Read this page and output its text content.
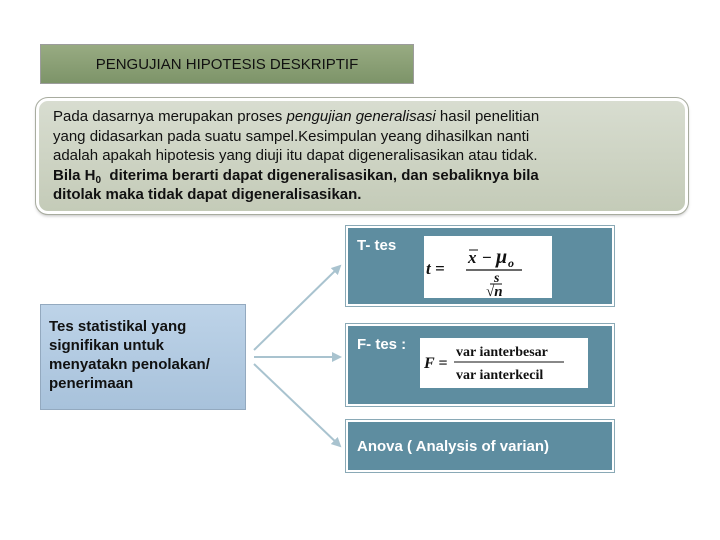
PENGUJIAN HIPOTESIS DESKRIPTIF
Pada dasarnya merupakan proses pengujian generalisasi hasil penelitian
yang didasarkan pada suatu sampel.Kesimpulan yeang dihasilkan nanti
adalah apakah hipotesis yang diuji itu dapat digeneralisasikan atau tidak.
Bila $H_0$  diterima berarti dapat digeneralisasikan, dan sebaliknya bila
ditolak maka tidak dapat digeneralisasikan.
Tes statistikal yang signifikan untuk menyatakn penolakan/ penerimaan
T- tes
t =
x − μ o
s
√n
F- tes :
F =
var ianterbesar
var ianterkecil
Anova ( Analysis of varian)
